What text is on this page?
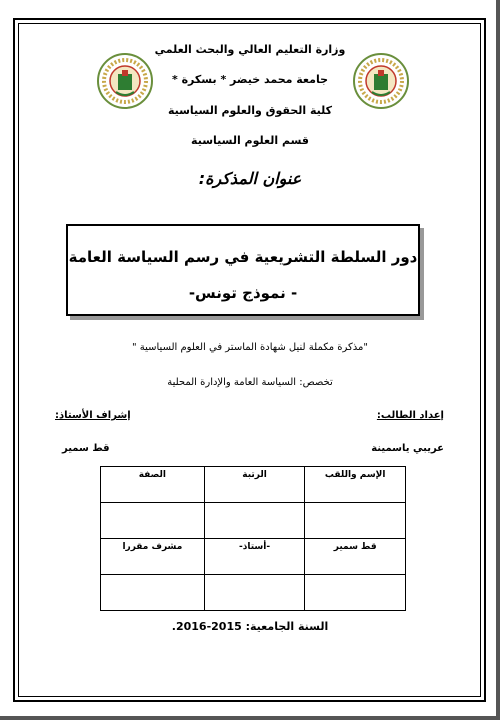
وزارة التعليم العالي والبحث العلمي
جامعة محمد خيضر * بسكرة *
كلية الحقوق والعلوم السياسية
قسم العلوم السياسية
عنوان المذكرة:
دور السلطة التشريعية في رسم السياسة العامة
- نموذج تونس-
"مذكرة مكملة لنيل شهادة الماستر في العلوم السياسية "
تخصص: السياسة العامة والإدارة المحلية
إعداد الطالب:
إشراف الأستاذ:
عريبي ياسمينة
قط سمير
الإسم واللقب	الرتبة	الصفة

قط سمير	-أستاذ-	مشرف مقررا

السنة الجامعية: 2015-2016.
